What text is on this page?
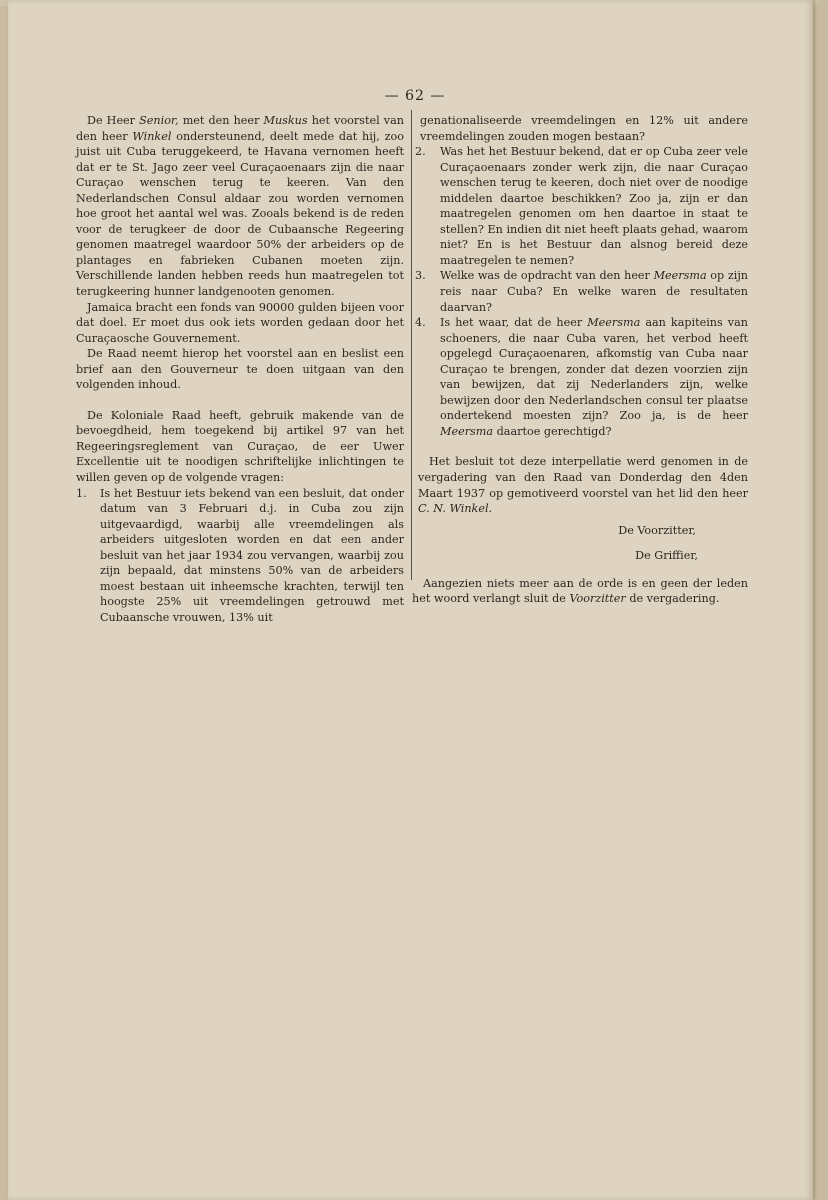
— 62 —

De Heer Senior, met den heer Muskus het voorstel van den heer Winkel ondersteunend, deelt mede dat hij, zoo juist uit Cuba teruggekeerd, te Havana vernomen heeft dat er te St. Jago zeer veel Curaçaoenaars zijn die naar Curaçao wenschen terug te keeren. Van den Nederlandschen Consul aldaar zou worden vernomen hoe groot het aantal wel was. Zooals bekend is de reden voor de terugkeer de door de Cubaansche Regeering genomen maatregel waardoor 50% der arbeiders op de plantages en fabrieken Cubanen moeten zijn. Verschillende landen hebben reeds hun maatregelen tot terugkeering hunner landgenooten genomen.

Jamaica bracht een fonds van 90000 gulden bijeen voor dat doel. Er moet dus ook iets worden gedaan door het Curaçaosche Gouvernement.

De Raad neemt hierop het voorstel aan en beslist een brief aan den Gouverneur te doen uitgaan van den volgenden inhoud.

De Koloniale Raad heeft, gebruik makende van de bevoegdheid, hem toegekend bij artikel 97 van het Regeeringsreglement van Curaçao, de eer Uwer Excellentie uit te noodigen schriftelijke inlichtingen te willen geven op de volgende vragen:

1.	Is het Bestuur iets bekend van een besluit, dat onder datum van 3 Februari d.j. in Cuba zou zijn uitgevaardigd, waarbij alle vreemdelingen als arbeiders uitgesloten worden en dat een ander besluit van het jaar 1934 zou vervangen, waarbij zou zijn bepaald, dat minstens 50% van de arbeiders moest bestaan uit inheemsche krachten, terwijl ten hoogste 25% uit vreemdelingen getrouwd met Cubaansche vrouwen, 13% uit

genationaliseerde vreemdelingen en 12% uit andere vreemdelingen zouden mogen bestaan?

2.	Was het het Bestuur bekend, dat er op Cuba zeer vele Curaçaoenaars zonder werk zijn, die naar Curaçao wenschen terug te keeren, doch niet over de noodige middelen daartoe beschikken? Zoo ja, zijn er dan maatregelen genomen om hen daartoe in staat te stellen? En indien dit niet heeft plaats gehad, waarom niet? En is het Bestuur dan alsnog bereid deze maatregelen te nemen?
3.	Welke was de opdracht van den heer Meersma op zijn reis naar Cuba? En welke waren de resultaten daarvan?
4.	Is het waar, dat de heer Meersma aan kapiteins van schoeners, die naar Cuba varen, het verbod heeft opgelegd Curaçaoenaren, afkomstig van Cuba naar Curaçao te brengen, zonder dat dezen voorzien zijn van bewijzen, dat zij Nederlanders zijn, welke bewijzen door den Nederlandschen consul ter plaatse ondertekend moesten zijn? Zoo ja, is de heer Meersma daartoe gerechtigd?

Het besluit tot deze interpellatie werd genomen in de vergadering van den Raad van Donderdag den 4den Maart 1937 op gemotiveerd voorstel van het lid den heer C. N. Winkel.

De Voorzitter,

De Griffier,

Aangezien niets meer aan de orde is en geen der leden het woord verlangt sluit de Voorzitter de vergadering.
